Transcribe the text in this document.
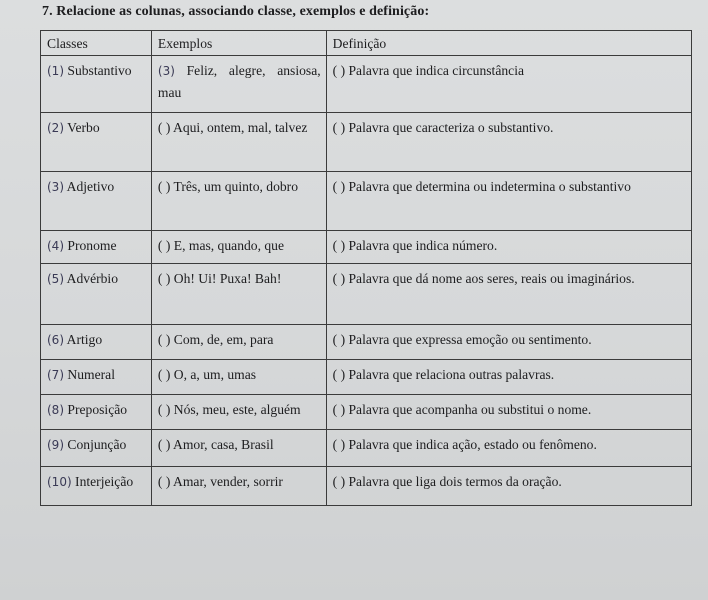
7. Relacione as colunas, associando classe, exemplos e definição:
Classes	Exemplos	Definição
(1) Substantivo	(3) Feliz, alegre, ansiosa, mau	( ) Palavra que indica circunstância
(2) Verbo	( ) Aqui, ontem, mal, talvez	( ) Palavra que caracteriza o substantivo.
(3) Adjetivo	( ) Três, um quinto, dobro	( ) Palavra que determina ou indetermina o substantivo
(4) Pronome	( ) E, mas, quando, que	( ) Palavra que indica número.
(5) Advérbio	( ) Oh! Ui! Puxa! Bah!	( ) Palavra que dá nome aos seres, reais ou imaginários.
(6) Artigo	( ) Com, de, em, para	( ) Palavra que expressa emoção ou sentimento.
(7) Numeral	( ) O, a, um, umas	( ) Palavra que relaciona outras palavras.
(8) Preposição	( ) Nós, meu, este, alguém	( ) Palavra que acompanha ou substitui o nome.
(9) Conjunção	( ) Amor, casa, Brasil	( ) Palavra que indica ação, estado ou fenômeno.
(10) Interjeição	( ) Amar, vender, sorrir	( ) Palavra que liga dois termos da oração.
